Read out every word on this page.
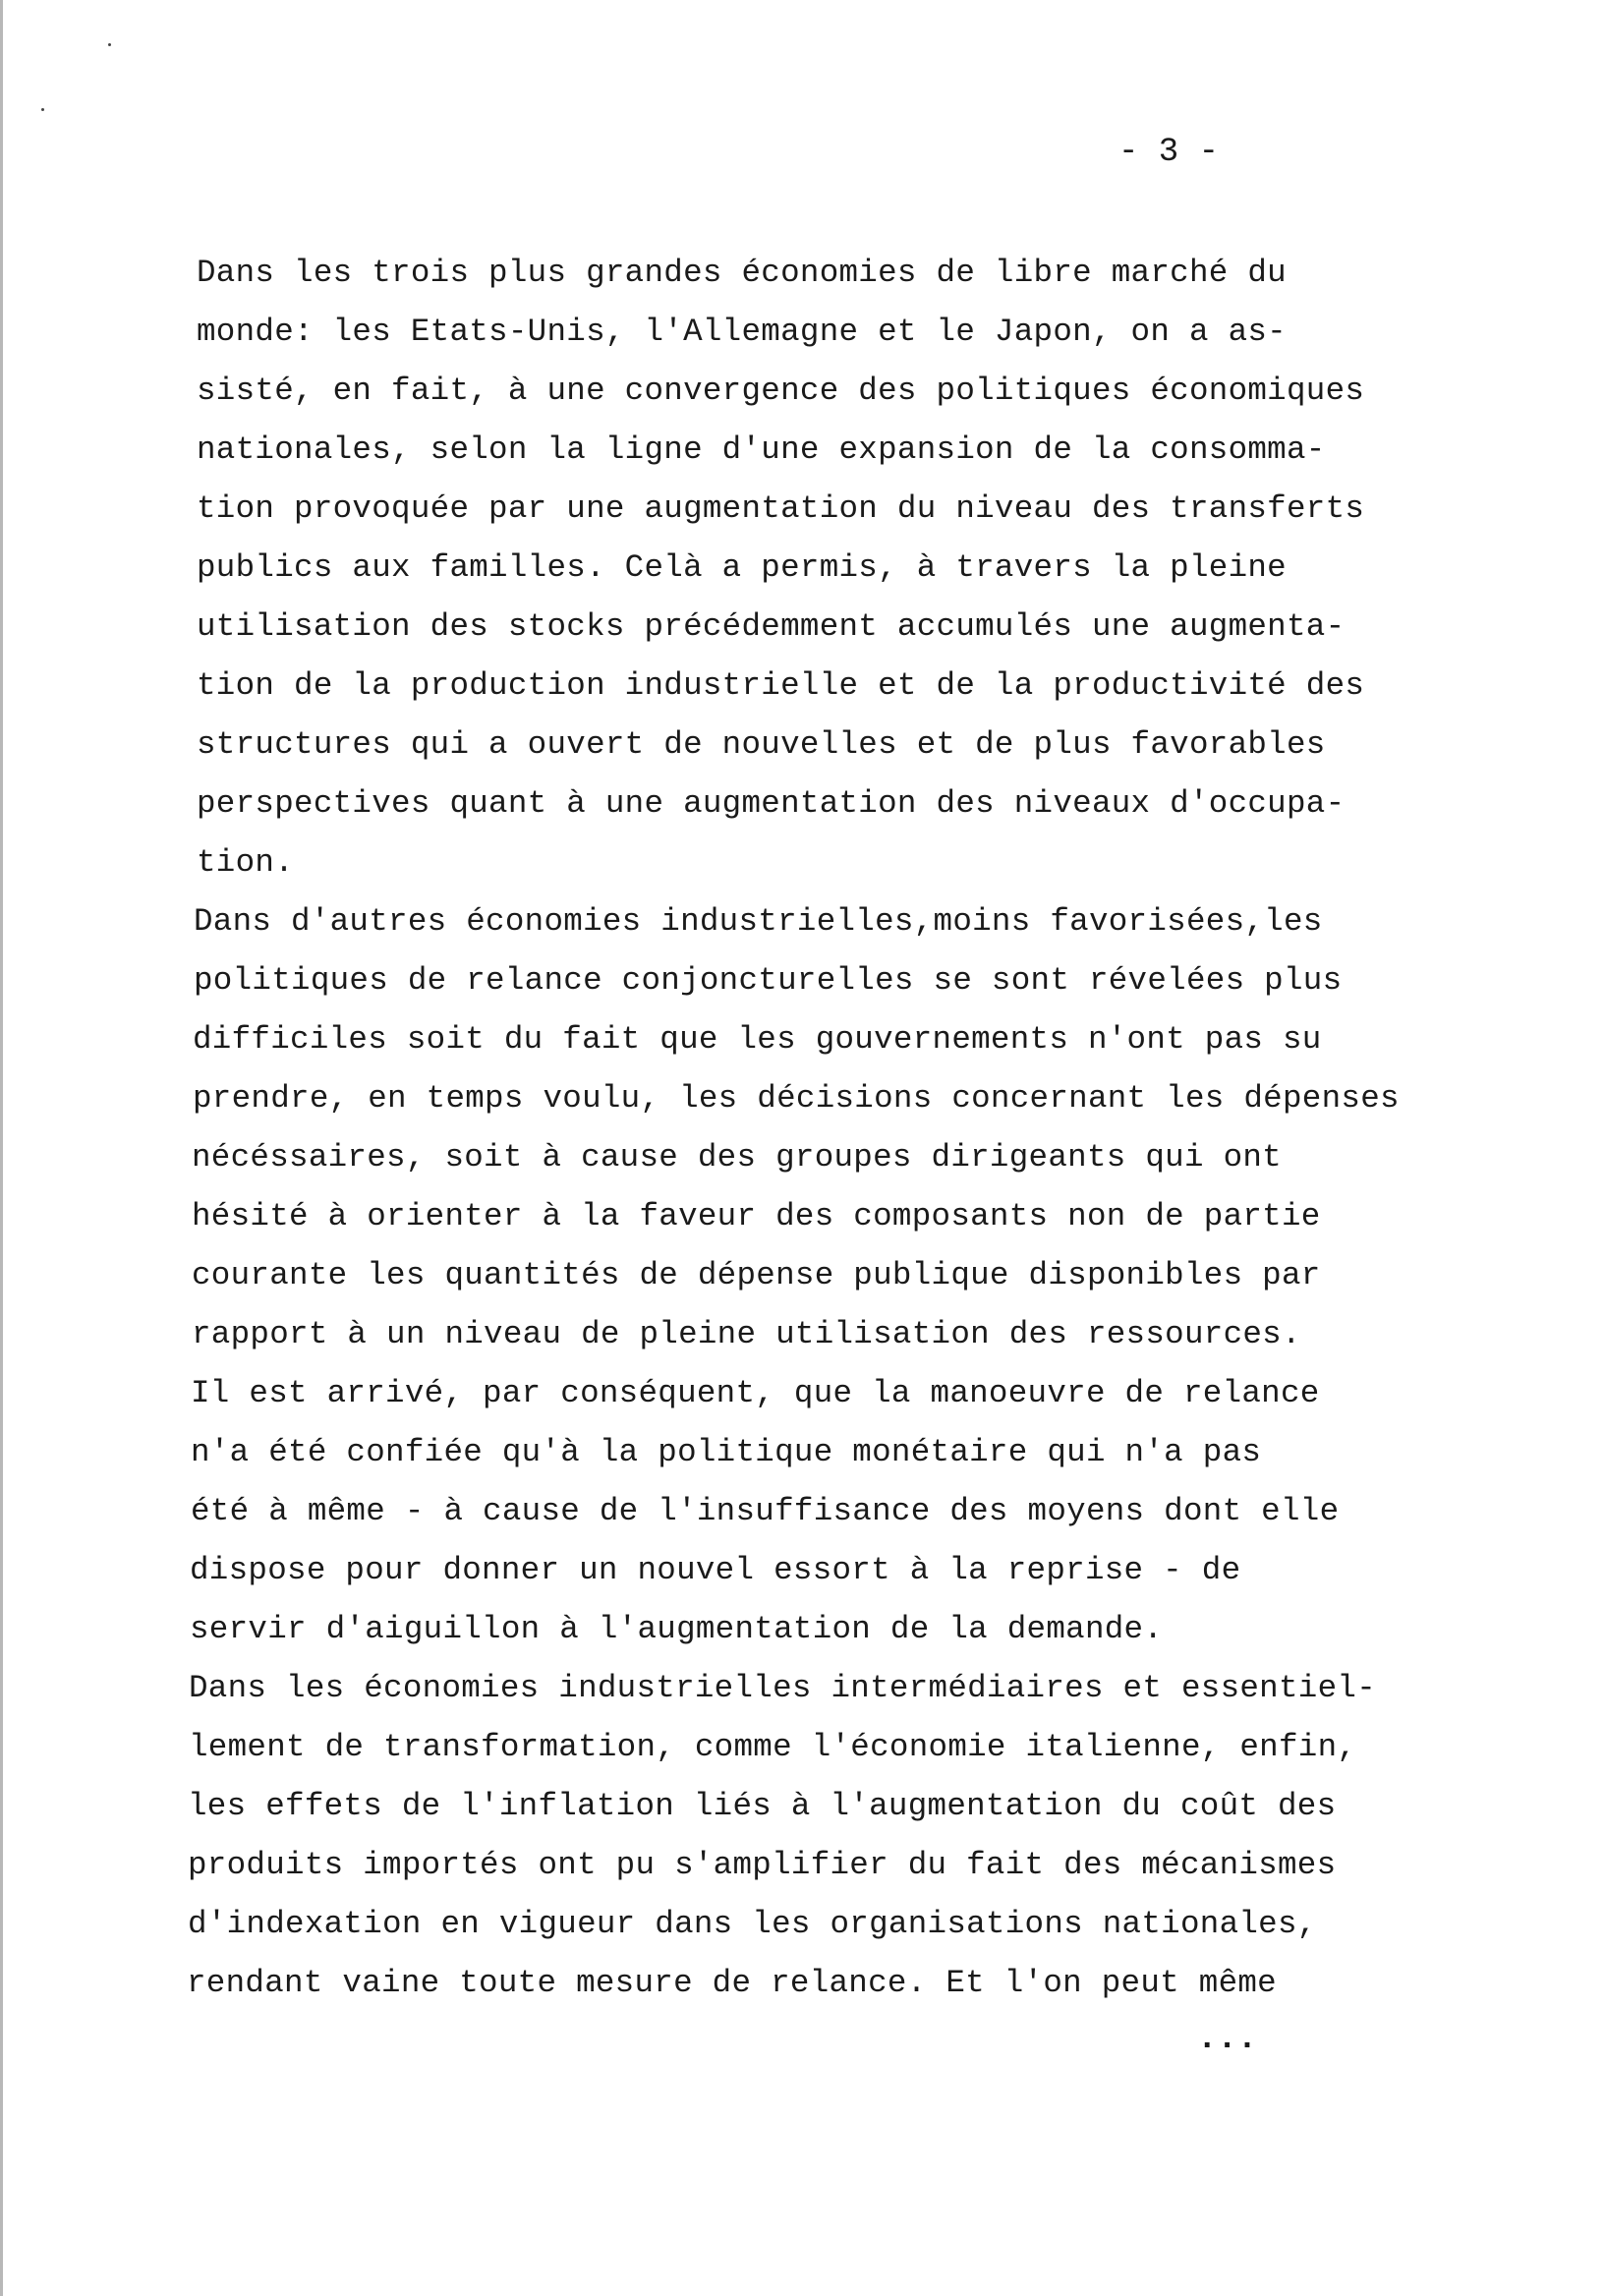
- 3 -
Dans les trois plus grandes économies de libre marché du
monde: les Etats-Unis, l'Allemagne et le Japon, on a as-
sisté, en fait, à une convergence des politiques économiques
nationales, selon la ligne d'une expansion de la consomma-
tion provoquée par une augmentation du niveau des transferts
publics aux familles. Celà a permis, à travers la pleine
utilisation des stocks précédemment accumulés une augmenta-
tion de la production industrielle et de la productivité des
structures qui a ouvert de nouvelles et de plus favorables
perspectives quant à une augmentation des niveaux d'occupa-
tion.
Dans d'autres économies industrielles,moins favorisées,les
politiques de relance conjoncturelles se sont révelées plus
difficiles soit du fait que les gouvernements n'ont pas su
prendre, en temps voulu, les décisions concernant les dépenses
nécéssaires, soit à cause des groupes dirigeants qui ont
hésité à orienter à la faveur des composants non de partie
courante les quantités de dépense publique disponibles par
rapport à un niveau de pleine utilisation des ressources.
Il est arrivé, par conséquent, que la manoeuvre de relance
n'a été confiée qu'à la politique monétaire qui n'a pas
été à même - à cause de l'insuffisance des moyens dont elle
dispose pour donner un nouvel essort à la reprise - de
servir d'aiguillon à l'augmentation de la demande.
Dans les économies industrielles intermédiaires et essentiel-
lement de transformation, comme l'économie italienne, enfin,
les effets de l'inflation liés à l'augmentation du coût des
produits importés ont pu s'amplifier du fait des mécanismes
d'indexation en vigueur dans les organisations nationales,
rendant vaine toute mesure de relance. Et l'on peut même
...
